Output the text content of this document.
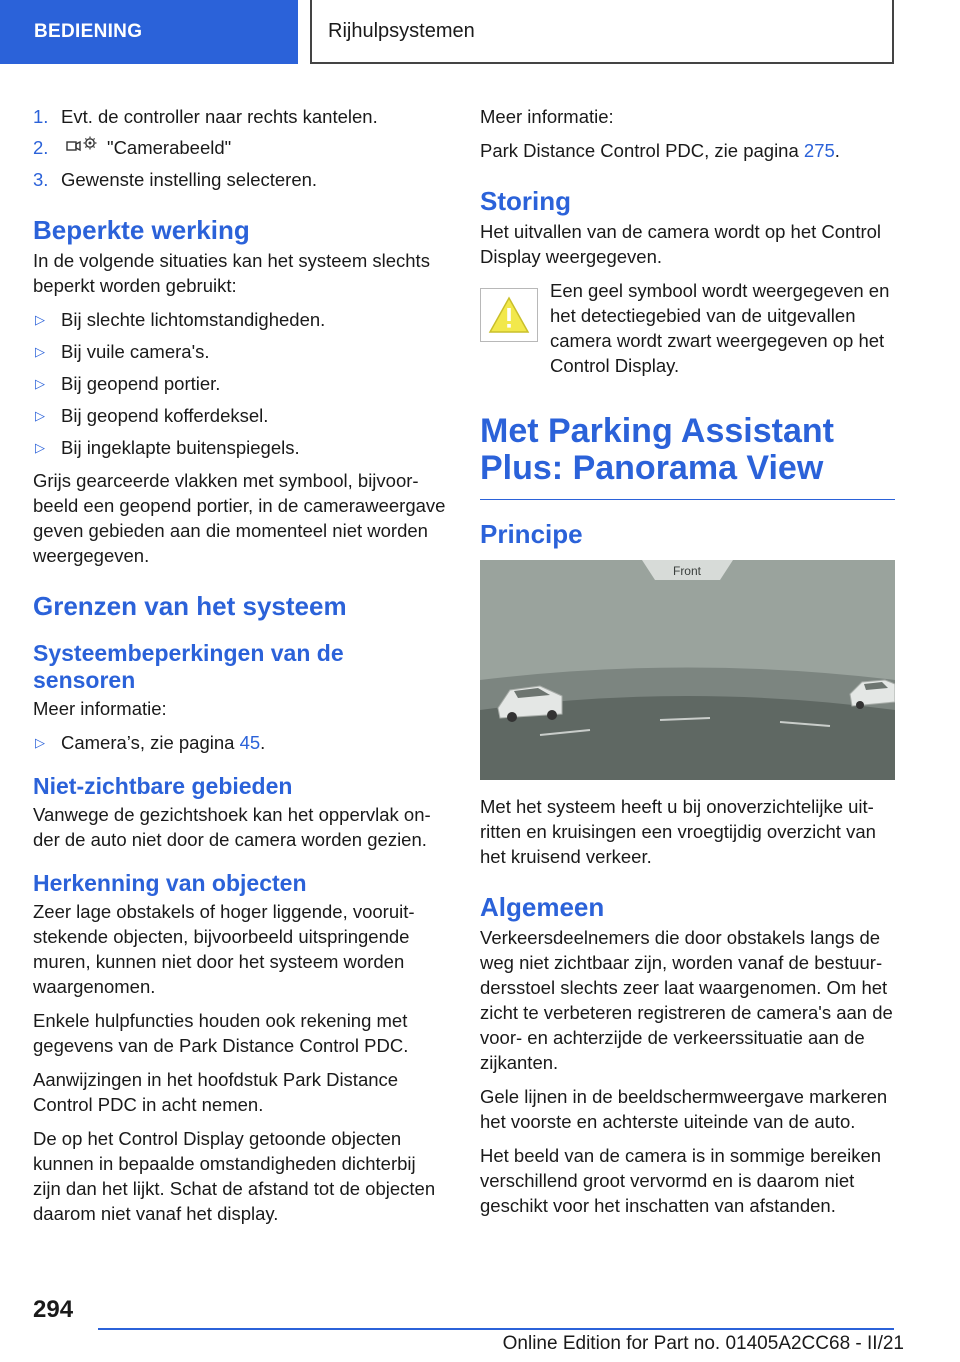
BEDIENING	Rijhulpsystemen
1. Evt. de controller naar rechts kantelen.
2.	"Camerabeeld"
3. Gewenste instelling selecteren.
Beperkte werking

In de volgende situaties kan het systeem slechts beperkt worden gebruikt:

▷ Bij slechte lichtomstandigheden.
▷ Bij vuile camera's.
▷ Bij geopend portier.
▷ Bij geopend kofferdeksel.
▷ Bij ingeklapte buitenspiegels.

Grijs gearceerde vlakken met symbool, bijvoorbeeld een geopend portier, in de cameraweergave geven gebieden aan die momenteel niet worden weergegeven.

Grenzen van het systeem
Systeembeperkingen van de sensoren

Meer informatie:

▷ Camera’s, zie pagina 45.
Niet-zichtbare gebieden

Vanwege de gezichtshoek kan het oppervlak onder de auto niet door de camera worden gezien.

Herkenning van objecten

Zeer lage obstakels of hoger liggende, vooruitstekende objecten, bijvoorbeeld uitspringende muren, kunnen niet door het systeem worden waargenomen.

Enkele hulpfuncties houden ook rekening met gegevens van de Park Distance Control PDC.

Aanwijzingen in het hoofdstuk Park Distance Control PDC in acht nemen.

De op het Control Display getoonde objecten kunnen in bepaalde omstandigheden dichterbij zijn dan het lijkt. Schat de afstand tot de objecten daarom niet vanaf het display.

Meer informatie:

Park Distance Control PDC, zie pagina 275.

Storing

Het uitvallen van de camera wordt op het Control Display weergegeven.

Een geel symbool wordt weergegeven en het detectiegebied van de uitgevallen camera wordt zwart weergegeven op het Control Display.

Met Parking Assistant Plus: Panorama View
Principe
Front

Met het systeem heeft u bij onoverzichtelijke uitritten en kruisingen een vroegtijdig overzicht van het kruisend verkeer.

Algemeen

Verkeersdeelnemers die door obstakels langs de weg niet zichtbaar zijn, worden vanaf de bestuurdersstoel slechts zeer laat waargenomen. Om het zicht te verbeteren registreren de camera's aan de voor- en achterzijde de verkeerssituatie aan de zijkanten.

Gele lijnen in de beeldschermweergave markeren het voorste en achterste uiteinde van de auto.

Het beeld van de camera is in sommige bereiken verschillend groot vervormd en is daarom niet geschikt voor het inschatten van afstanden.

294
Online Edition for Part no. 01405A2CC68 - II/21
